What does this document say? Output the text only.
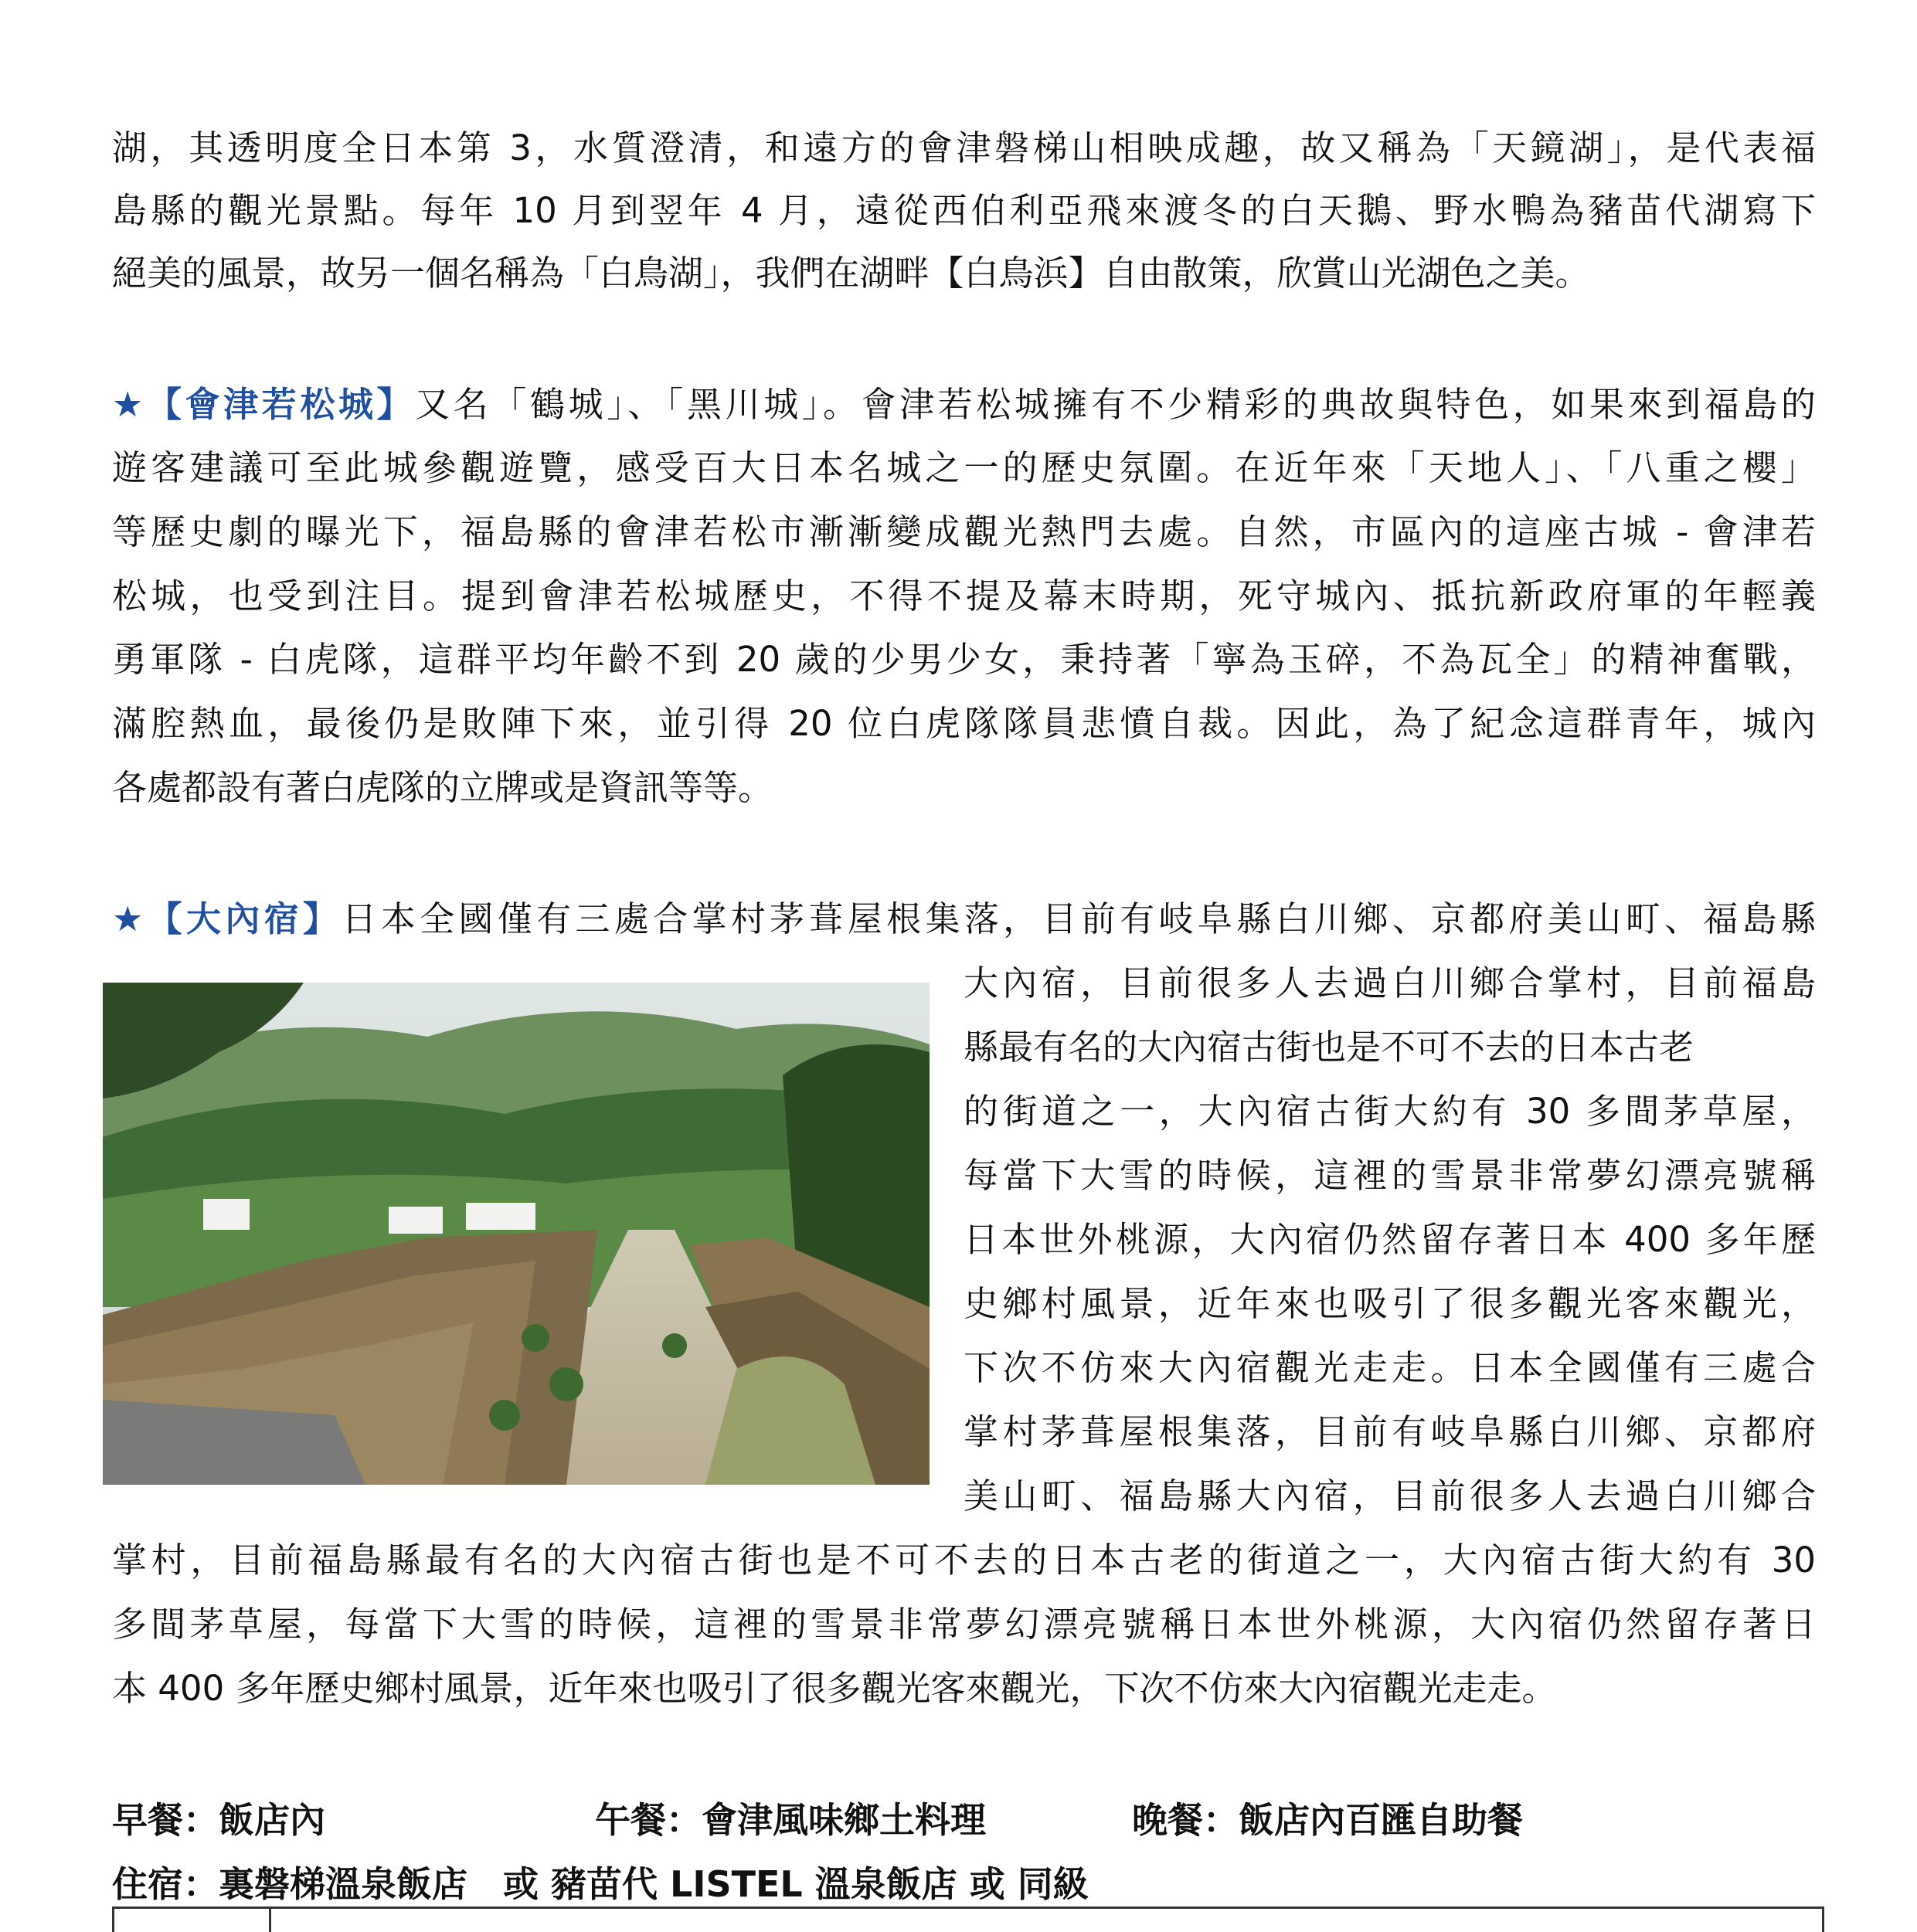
湖，其透明度全日本第 3，水質澄清，和遠方的會津磐梯山相映成趣，故又稱為「天鏡湖」，是代表福
島縣的觀光景點。每年 10 月到翌年 4 月，遠從西伯利亞飛來渡冬的白天鵝、野水鴨為豬苗代湖寫下
絕美的風景，故另一個名稱為「白鳥湖」，我們在湖畔【白鳥浜】自由散策，欣賞山光湖色之美。
★【會津若松城】又名「鶴城」、「黑川城」。會津若松城擁有不少精彩的典故與特色，如果來到福島的
遊客建議可至此城參觀遊覽，感受百大日本名城之一的歷史氛圍。在近年來「天地人」、「八重之櫻」
等歷史劇的曝光下，福島縣的會津若松市漸漸變成觀光熱門去處。自然，市區內的這座古城 - 會津若
松城，也受到注目。提到會津若松城歷史，不得不提及幕末時期，死守城內、抵抗新政府軍的年輕義
勇軍隊 - 白虎隊，這群平均年齡不到 20 歲的少男少女，秉持著「寧為玉碎，不為瓦全」的精神奮戰，
滿腔熱血，最後仍是敗陣下來，並引得 20 位白虎隊隊員悲憤自裁。因此，為了紀念這群青年，城內
各處都設有著白虎隊的立牌或是資訊等等。
★【大內宿】日本全國僅有三處合掌村茅葺屋根集落，目前有岐阜縣白川鄉、京都府美山町、福島縣
大內宿，目前很多人去過白川鄉合掌村，目前福島
縣最有名的大內宿古街也是不可不去的日本古老
的街道之一，大內宿古街大約有 30 多間茅草屋，
每當下大雪的時候，這裡的雪景非常夢幻漂亮號稱
日本世外桃源，大內宿仍然留存著日本 400 多年歷
史鄉村風景，近年來也吸引了很多觀光客來觀光，
下次不仿來大內宿觀光走走。日本全國僅有三處合
掌村茅葺屋根集落，目前有岐阜縣白川鄉、京都府
美山町、福島縣大內宿，目前很多人去過白川鄉合
掌村，目前福島縣最有名的大內宿古街也是不可不去的日本古老的街道之一，大內宿古街大約有 30
多間茅草屋，每當下大雪的時候，這裡的雪景非常夢幻漂亮號稱日本世外桃源，大內宿仍然留存著日
本 400 多年歷史鄉村風景，近年來也吸引了很多觀光客來觀光，下次不仿來大內宿觀光走走。
早餐：飯店內	午餐：會津風味鄉土料理	晚餐：飯店內百匯自助餐
住宿：裏磐梯溫泉飯店　或 豬苗代 LISTEL 溫泉飯店 或 同級
